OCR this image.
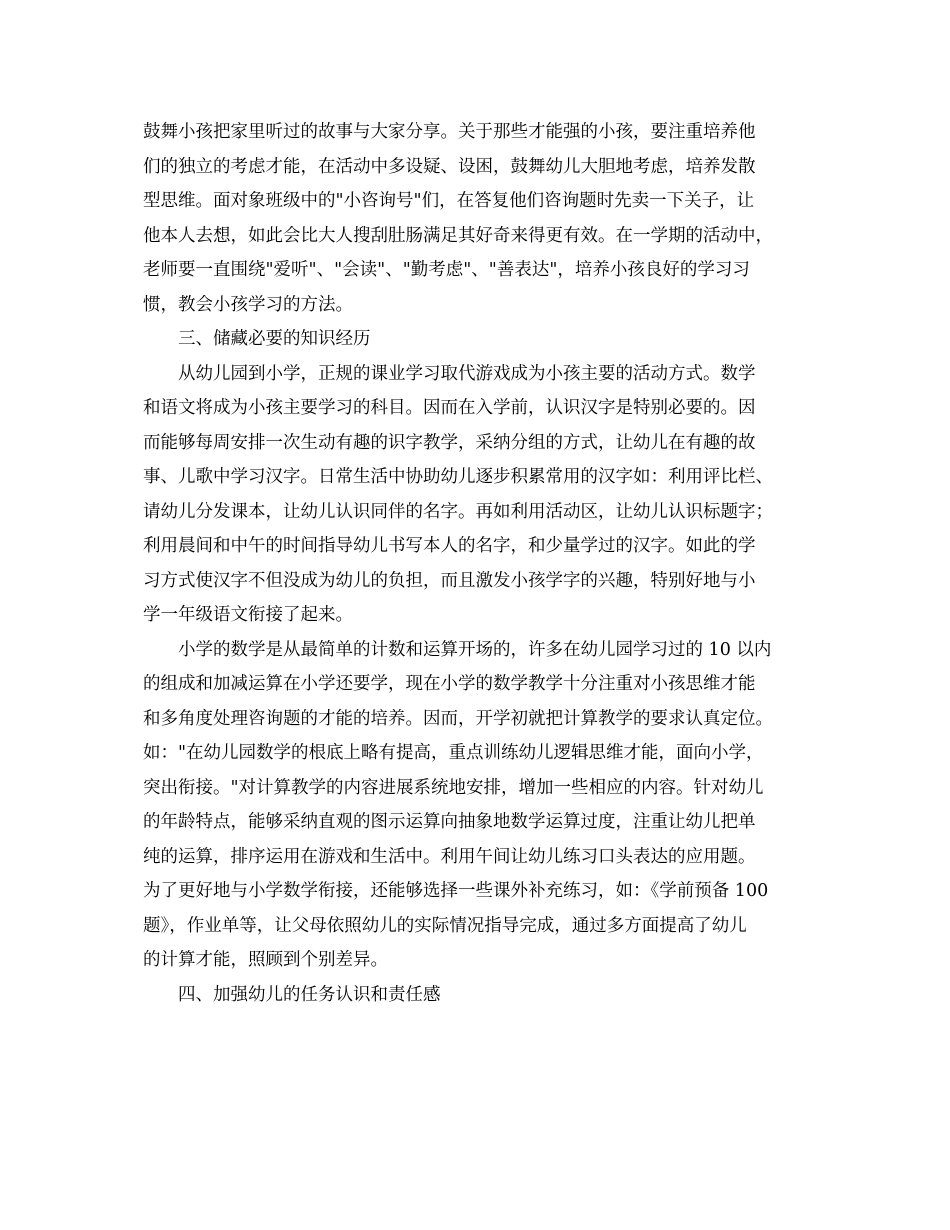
鼓舞小孩把家里听过的故事与大家分享。关于那些才能强的小孩，要注重培养他
们的独立的考虑才能，在活动中多设疑、设困，鼓舞幼儿大胆地考虑，培养发散
型思维。面对象班级中的"小咨询号"们，在答复他们咨询题时先卖一下关子，让
他本人去想，如此会比大人搜刮肚肠满足其好奇来得更有效。在一学期的活动中，
老师要一直围绕"爱听"、"会读"、"勤考虑"、"善表达"，培养小孩良好的学习习
惯，教会小孩学习的方法。
　　三、储藏必要的知识经历
　　从幼儿园到小学，正规的课业学习取代游戏成为小孩主要的活动方式。数学
和语文将成为小孩主要学习的科目。因而在入学前，认识汉字是特别必要的。因
而能够每周安排一次生动有趣的识字教学，采纳分组的方式，让幼儿在有趣的故
事、儿歌中学习汉字。日常生活中协助幼儿逐步积累常用的汉字如：利用评比栏、
请幼儿分发课本，让幼儿认识同伴的名字。再如利用活动区，让幼儿认识标题字；
利用晨间和中午的时间指导幼儿书写本人的名字，和少量学过的汉字。如此的学
习方式使汉字不但没成为幼儿的负担，而且激发小孩学字的兴趣，特别好地与小
学一年级语文衔接了起来。
　　小学的数学是从最简单的计数和运算开场的，许多在幼儿园学习过的 10 以内
的组成和加减运算在小学还要学，现在小学的数学教学十分注重对小孩思维才能
和多角度处理咨询题的才能的培养。因而，开学初就把计算教学的要求认真定位。
如："在幼儿园数学的根底上略有提高，重点训练幼儿逻辑思维才能，面向小学，
突出衔接。"对计算教学的内容进展系统地安排，增加一些相应的内容。针对幼儿
的年龄特点，能够采纳直观的图示运算向抽象地数学运算过度，注重让幼儿把单
纯的运算，排序运用在游戏和生活中。利用午间让幼儿练习口头表达的应用题。
为了更好地与小学数学衔接，还能够选择一些课外补充练习，如：《学前预备 100
题》，作业单等，让父母依照幼儿的实际情况指导完成，通过多方面提高了幼儿
的计算才能，照顾到个别差异。
　　四、加强幼儿的任务认识和责任感
